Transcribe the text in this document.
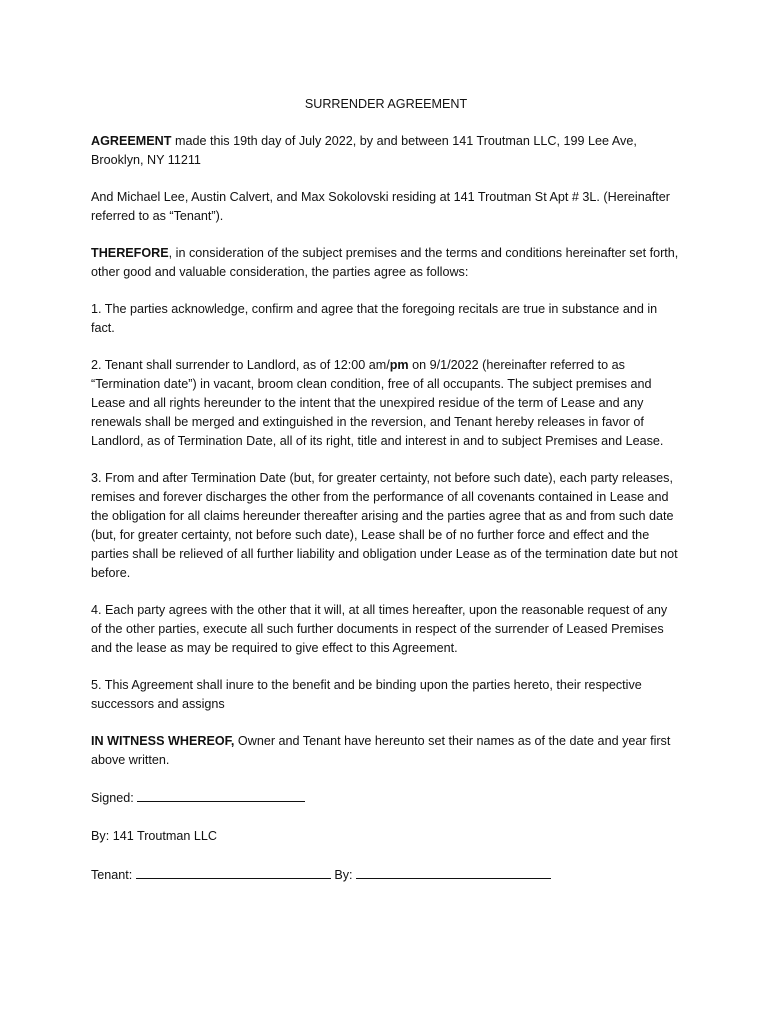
SURRENDER AGREEMENT

AGREEMENT made this 19th day of July 2022, by and between 141 Troutman LLC, 199 Lee Ave, Brooklyn, NY 11211

And Michael Lee, Austin Calvert, and Max Sokolovski residing at 141 Troutman St Apt # 3L. (Hereinafter referred to as “Tenant”).

THEREFORE, in consideration of the subject premises and the terms and conditions hereinafter set forth, other good and valuable consideration, the parties agree as follows:

1. The parties acknowledge, confirm and agree that the foregoing recitals are true in substance and in fact.

2. Tenant shall surrender to Landlord, as of 12:00 am/pm on 9/1/2022 (hereinafter referred to as “Termination date”) in vacant, broom clean condition, free of all occupants. The subject premises and Lease and all rights hereunder to the intent that the unexpired residue of the term of Lease and any renewals shall be merged and extinguished in the reversion, and Tenant hereby releases in favor of Landlord, as of Termination Date, all of its right, title and interest in and to subject Premises and Lease.

3. From and after Termination Date (but, for greater certainty, not before such date), each party releases, remises and forever discharges the other from the performance of all covenants contained in Lease and the obligation for all claims hereunder thereafter arising and the parties agree that as and from such date (but, for greater certainty, not before such date), Lease shall be of no further force and effect and the parties shall be relieved of all further liability and obligation under Lease as of the termination date but not before.

4. Each party agrees with the other that it will, at all times hereafter, upon the reasonable request of any of the other parties, execute all such further documents in respect of the surrender of Leased Premises and the lease as may be required to give effect to this Agreement.

5. This Agreement shall inure to the benefit and be binding upon the parties hereto, their respective successors and assigns

IN WITNESS WHEREOF, Owner and Tenant have hereunto set their names as of the date and year first above written.

Signed:
By: 141 Troutman LLC
Tenant:	By:
